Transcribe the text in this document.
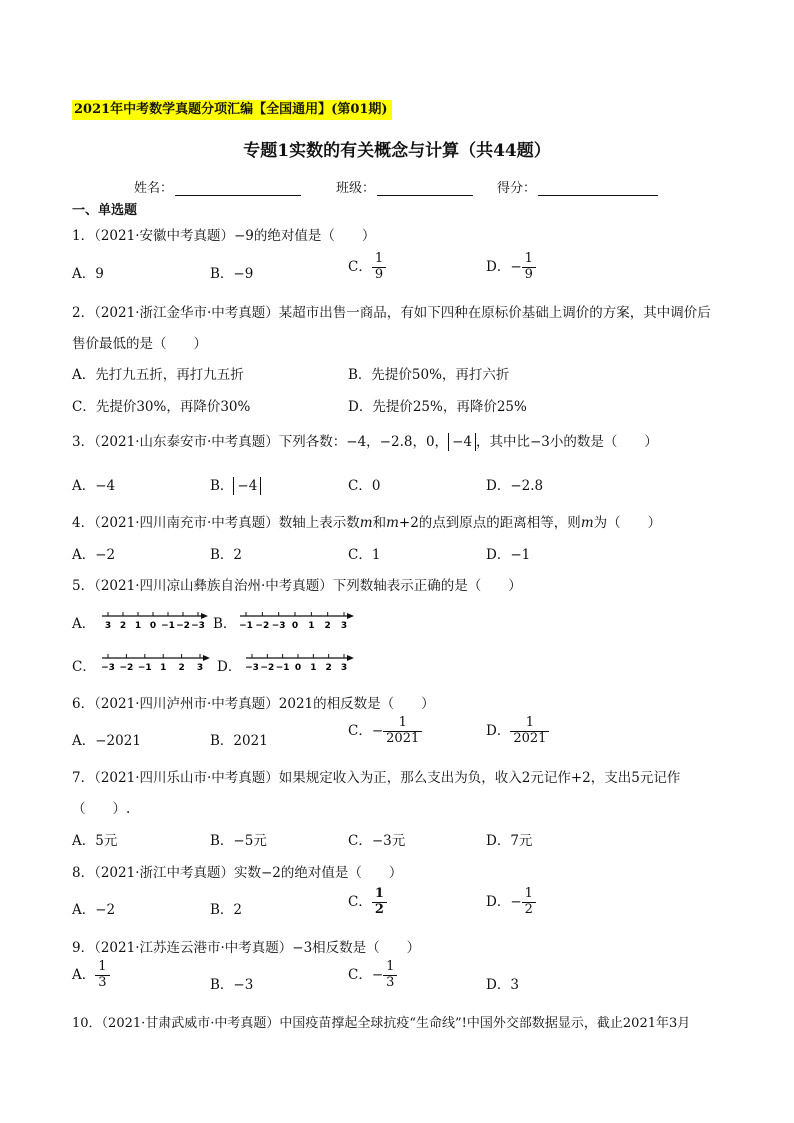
2021年中考数学真题分项汇编【全国通用】(第01期)
专题1实数的有关概念与计算（共44题）
姓名：	班级：	得分：
一、单选题
1．（2021·安徽中考真题）−9的绝对值是（　　）
A．9	B．−9	C． $\frac{1}{9}$	D．− $\frac{1}{9}$
2．（2021·浙江金华市·中考真题）某超市出售一商品，有如下四种在原标价基础上调价的方案，其中调价后
售价最低的是（　　）
A．先打九五折，再打九五折	B．先提价50%，再打六折
C．先提价30%，再降价30%	D．先提价25%，再降价25%
3．（2021·山东泰安市·中考真题）下列各数：−4，−2.8，0， −4 ，其中比−3小的数是（　　）
A．−4	B． −4	C．0	D．−2.8
4．（2021·四川南充市·中考真题）数轴上表示数m和m+2的点到原点的距离相等，则m为（　　）
A．−2	B．2	C．1	D．−1
5．（2021·四川凉山彝族自治州·中考真题）下列数轴表示正确的是（　　）
A．	B．
C．	D．
3 2 1 0 −1 −2 −3	−1 −2 −3 0 1 2 3
−3 −2 −1 1 2 3	−3 −2 −1 0 1 2 3
6．（2021·四川泸州市·中考真题）2021的相反数是（　　）
A．−2021	B．2021
C．− $\frac{1}{2021}$	D． $\frac{1}{2021}$
7．（2021·四川乐山市·中考真题）如果规定收入为正，那么支出为负，收入2元记作+2，支出5元记作
（　　）.
A．5元	B．−5元	C．−3元	D．7元
8．（2021·浙江中考真题）实数−2的绝对值是（　　）
A．−2	B．2
C． $\frac{1}{2}$	D．− $\frac{1}{2}$
9．（2021·江苏连云港市·中考真题）−3相反数是（　　）
A． $\frac{1}{3}$	B．−3
C．− $\frac{1}{3}$	D．3
10．（2021·甘肃武威市·中考真题）中国疫苗撑起全球抗疫“生命线”!中国外交部数据显示，截止2021年3月
